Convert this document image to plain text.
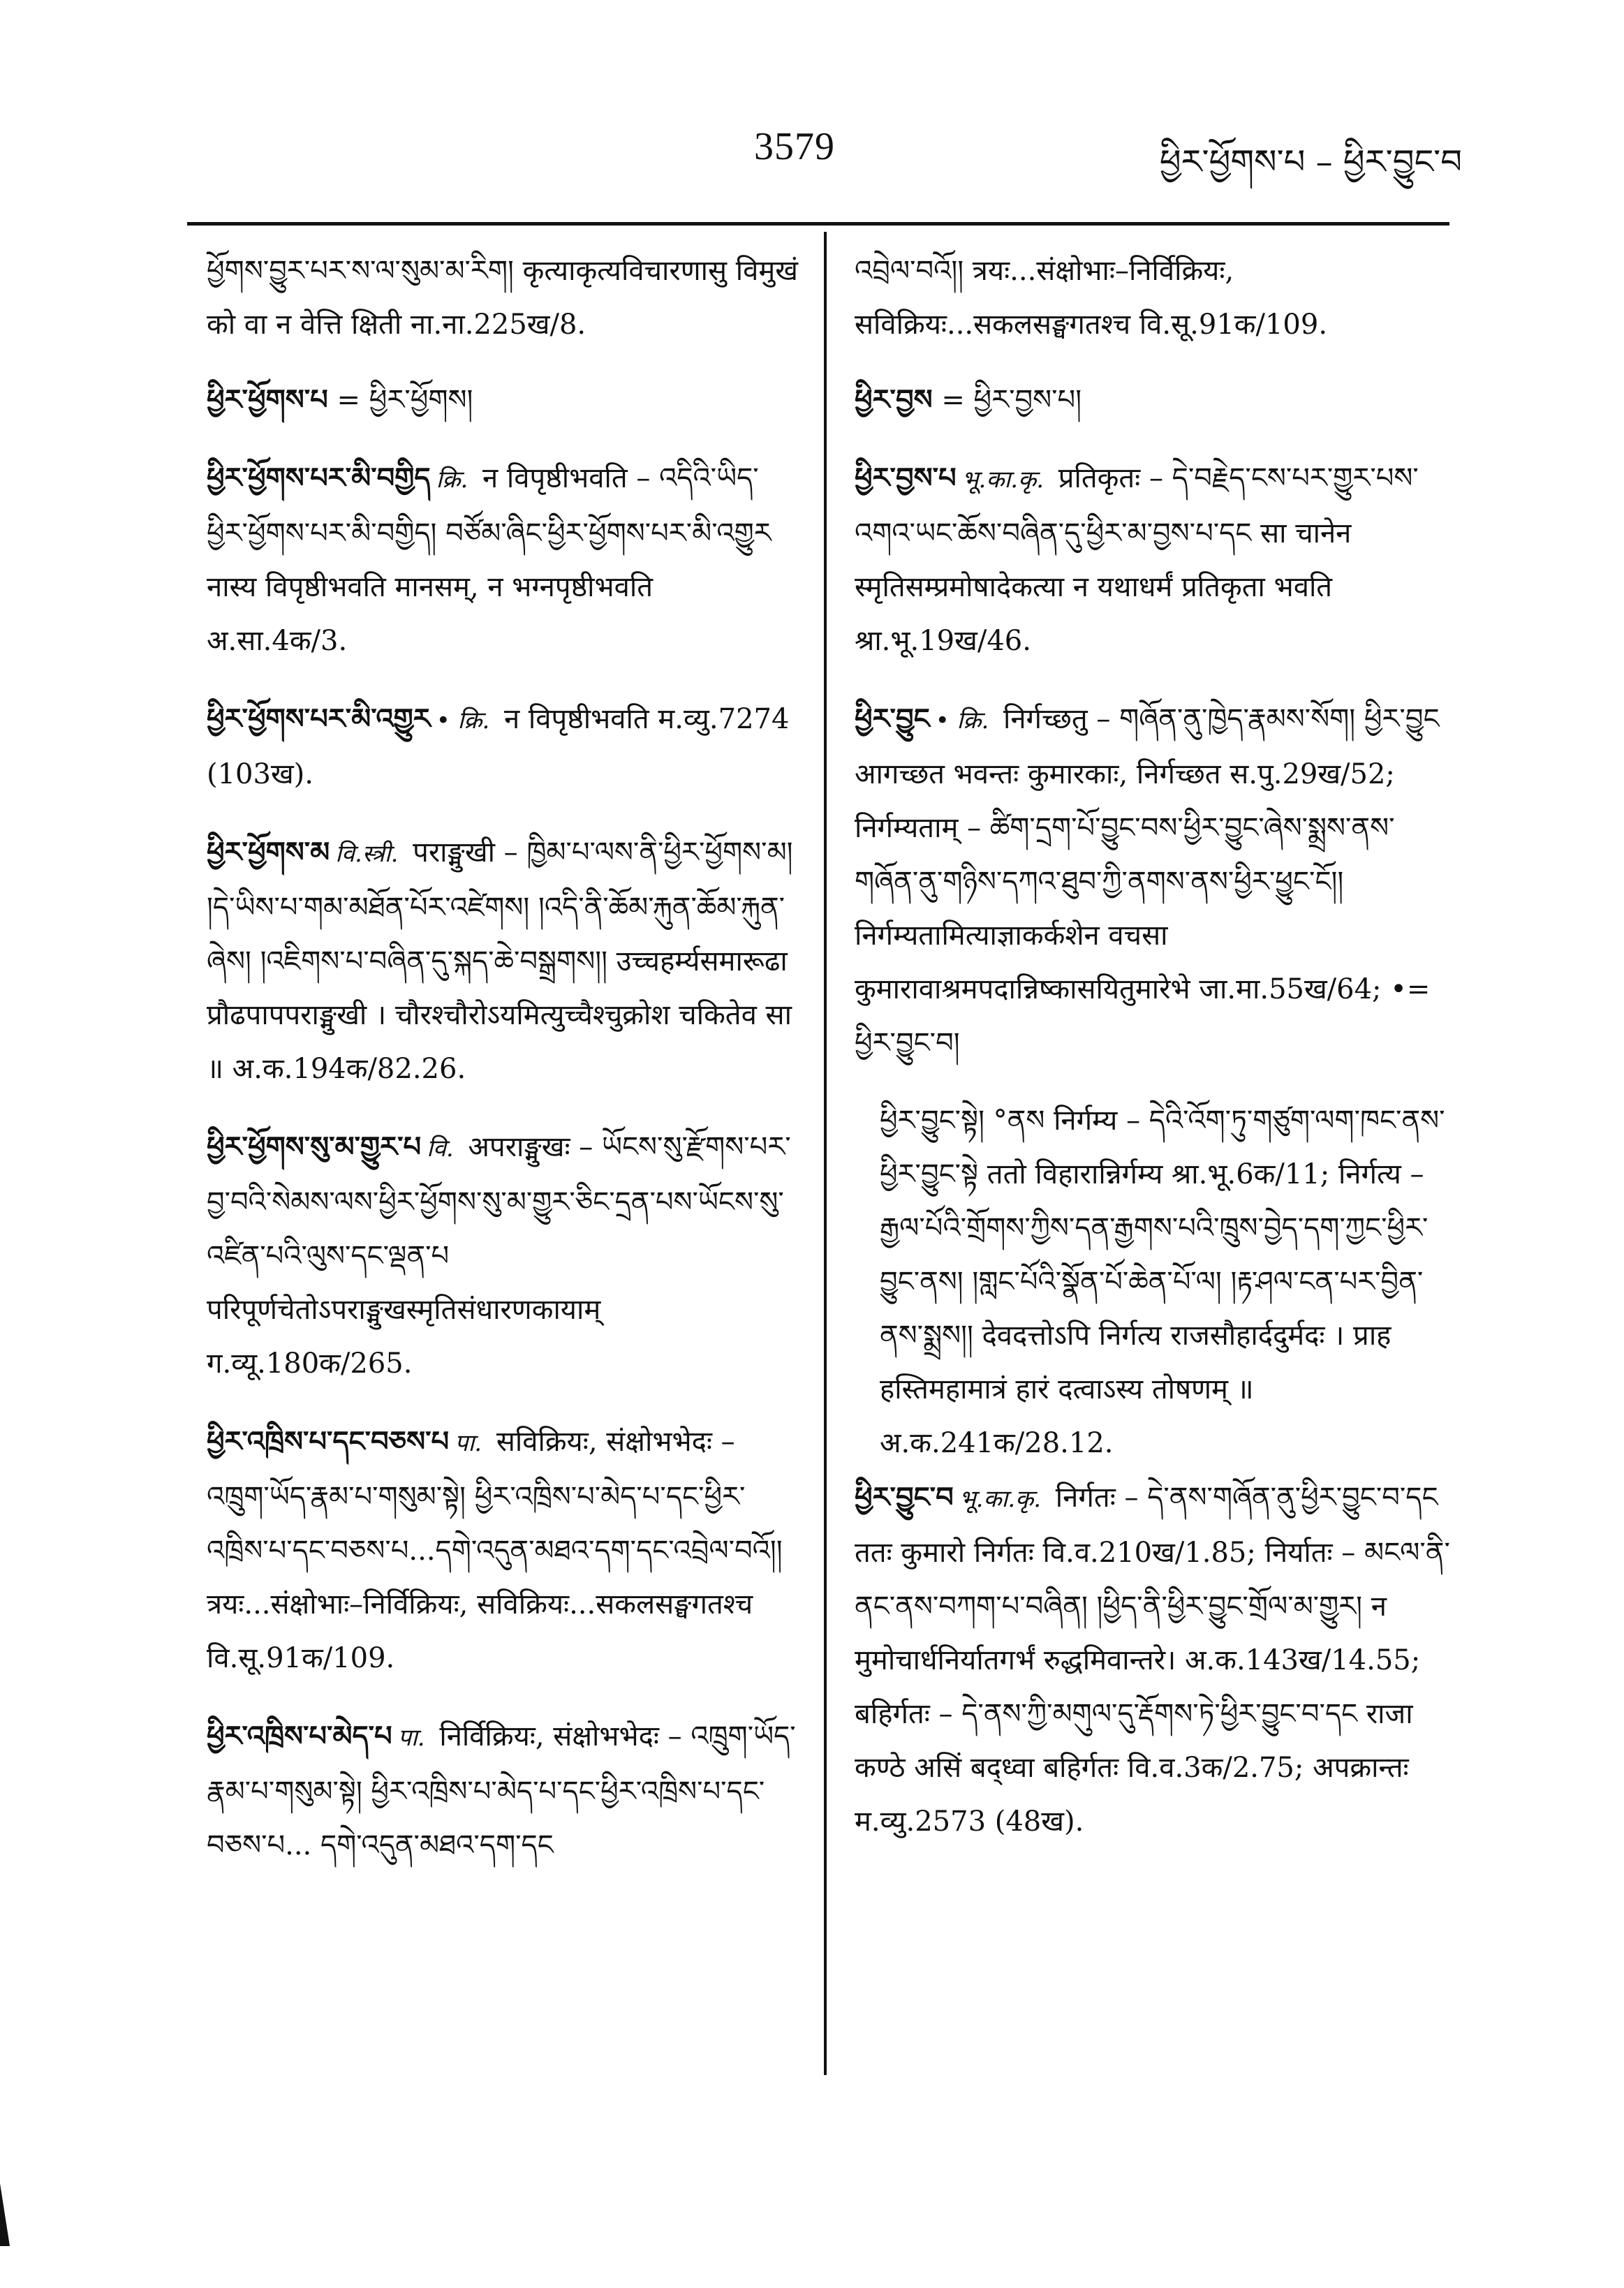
3579	ཕྱིར་ཕྱོགས་པ – ཕྱིར་བྱུང་བ

ཕྱོགས་བྱུར་པར་ས་ལ་སུམ་མ་རིག། कृत्याकृत्यविचारणासु विमुखं को वा न वेत्ति क्षिती ना.ना.225ख/8.

ཕྱིར་ཕྱོགས་པ = ཕྱིར་ཕྱོགས།

ཕྱིར་ཕྱོགས་པར་མི་བགྱིད क्रि. न विपृष्ठीभवति – འདིའི་ཡིད་ཕྱིར་ཕྱོགས་པར་མི་བགྱིད། བཙོམ་ཞིང་ཕྱིར་ཕྱོགས་པར་མི་འགྱུར नास्य विपृष्ठीभवति मानसम्, न भग्नपृष्ठीभवति अ.सा.4क/3.

ཕྱིར་ཕྱོགས་པར་མི་འགྱུར • क्रि. न विपृष्ठीभवति म.व्यु.7274 (103ख).

ཕྱིར་ཕྱོགས་མ वि.स्त्री. पराङ्मुखी – ཁྱིམ་པ་ལས་ནི་ཕྱིར་ཕྱོགས་མ། །དེ་ཡིས་པ་གམ་མཐོན་པོར་འཛེགས། །འདི་ནི་ཆོམ་རྐུན་ཆོམ་རྐུན་ཞེས། །འཇིགས་པ་བཞིན་དུ་སྐད་ཆེ་བསྒྲགས།། उच्चहर्म्यसमारूढा प्रौढपापपराङ्मुखी । चौरश्चौरोऽयमित्युच्चैश्चुक्रोश चकितेव सा ॥ अ.क.194क/82.26.

ཕྱིར་ཕྱོགས་སུ་མ་གྱུར་པ वि. अपराङ्मुखः – ཡོངས་སུ་རྫོགས་པར་བྱ་བའི་སེམས་ལས་ཕྱིར་ཕྱོགས་སུ་མ་གྱུར་ཅིང་དྲན་པས་ཡོངས་སུ་འཛིན་པའི་ལུས་དང་ལྡན་པ परिपूर्णचेतोऽपराङ्मुखस्मृतिसंधारणकायाम् ग.व्यू.180क/265.

ཕྱིར་འཁྲིས་པ་དང་བཅས་པ पा. सविक्रियः, संक्षोभभेदः – འཁྲུག་ཡོད་རྣམ་པ་གསུམ་སྟེ། ཕྱིར་འཁྲིས་པ་མེད་པ་དང་ཕྱིར་འཁྲིས་པ་དང་བཅས་པ...དགེ་འདུན་མཐའ་དག་དང་འབྲེལ་བའོ།། त्रयः...संक्षोभाः–निर्विक्रियः, सविक्रियः...सकलसङ्घगतश्च वि.सू.91क/109.

ཕྱིར་འཁྲིས་པ་མེད་པ पा. निर्विक्रियः, संक्षोभभेदः – འཁྲུག་ཡོད་རྣམ་པ་གསུམ་སྟེ། ཕྱིར་འཁྲིས་པ་མེད་པ་དང་ཕྱིར་འཁྲིས་པ་དང་བཅས་པ... དགེ་འདུན་མཐའ་དག་དང

འབྲེལ་བའོ།། त्रयः...संक्षोभाः–निर्विक्रियः, सविक्रियः...सकलसङ्घगतश्च वि.सू.91क/109.

ཕྱིར་བྱས = ཕྱིར་བྱས་པ།

ཕྱིར་བྱས་པ भू.का.कृ. प्रतिकृतः – དེ་བརྗེད་ངས་པར་གྱུར་པས་འགའ་ཡང་ཆོས་བཞིན་དུ་ཕྱིར་མ་བྱས་པ་དང सा चानेन स्मृतिसम्प्रमोषादेकत्या न यथाधर्मं प्रतिकृता भवति श्रा.भू.19ख/46.

ཕྱིར་བྱུང • क्रि. निर्गच्छतु – གཞོན་ནུ་ཁྱེད་རྣམས་སོག། ཕྱིར་བྱུང आगच्छत भवन्तः कुमारकाः, निर्गच्छत स.पु.29ख/52; निर्गम्यताम् – ཚིག་དྲག་པོ་བྱུང་བས་ཕྱིར་བྱུང་ཞེས་སྨྲས་ནས་གཞོན་ནུ་གཉིས་དཀའ་ཐུབ་ཀྱི་ནགས་ནས་ཕྱིར་ཕྱུང་ངོ།། निर्गम्यतामित्याज्ञाकर्कशेन वचसा कुमारावाश्रमपदान्निष्कासयितुमारेभे जा.मा.55ख/64; •= ཕྱིར་བྱུང་བ།

ཕྱིར་བྱུང་སྟེ། °ནས निर्गम्य – དེའི་འོག་ཏུ་གཙུག་ལག་ཁང་ནས་ཕྱིར་བྱུང་སྟེ ततो विहारान्निर्गम्य श्रा.भू.6क/11; निर्गत्य – རྒྱལ་པོའི་གྲོགས་ཀྱིས་དན་རྒྱགས་པའི་ཁྲུས་བྱེད་དག་ཀྱང་ཕྱིར་བྱུང་ནས། །གླང་པོའི་སྣོན་པོ་ཆེན་པོ་ལ། །རྟ་ཤལ་ངན་པར་བྱིན་ནས་སྨྲས།། देवदत्तोऽपि निर्गत्य राजसौहार्ददुर्मदः । प्राह हस्तिमहामात्रं हारं दत्वाऽस्य तोषणम् ॥ अ.क.241क/28.12.

ཕྱིར་བྱུང་བ भू.का.कृ. निर्गतः – དེ་ནས་གཞོན་ནུ་ཕྱིར་བྱུང་བ་དང ततः कुमारो निर्गतः वि.व.210ख/1.85; निर्यातः – མངལ་ནི་ནང་ནས་བཀག་པ་བཞིན། །ཕྱིད་ནི་ཕྱིར་བྱུང་གྲོལ་མ་གྱུར། न मुमोचार्धनिर्यातगर्भं रुद्धमिवान्तरे। अ.क.143ख/14.55; बहिर्गतः – དེ་ནས་ཀྱི་མགུལ་དུ་རྡོགས་ཏེ་ཕྱིར་བྱུང་བ་དང राजा कण्ठे असिं बद्ध्वा बहिर्गतः वि.व.3क/2.75; अपक्रान्तः म.व्यु.2573 (48ख).
